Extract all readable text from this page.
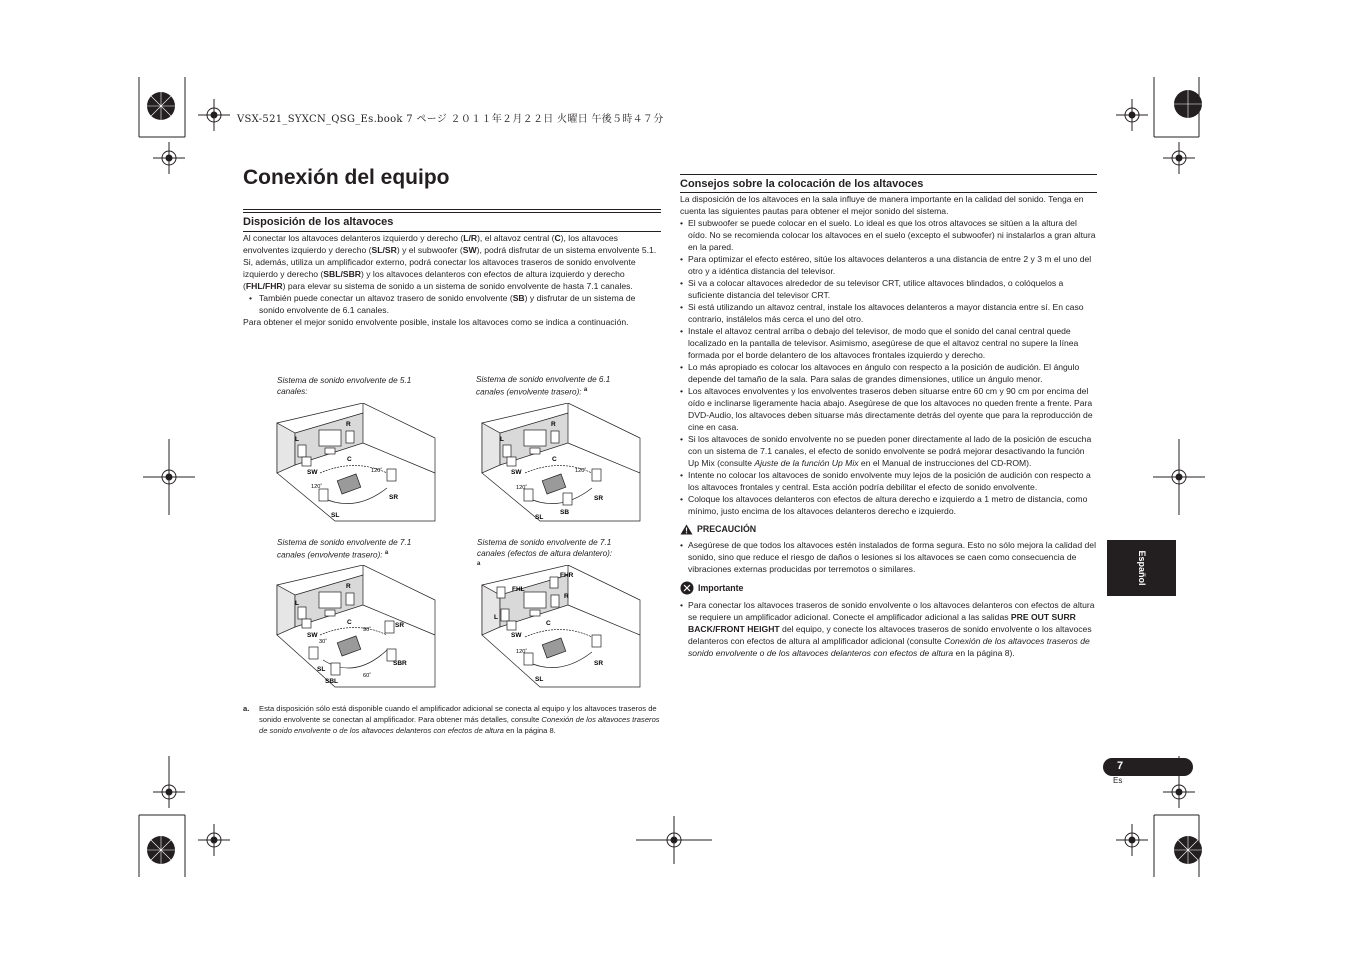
VSX-521_SYXCN_QSG_Es.book 7 ページ ２０１１年２月２２日 火曜日 午後５時４７分
Conexión del equipo
Disposición de los altavoces

Al conectar los altavoces delanteros izquierdo y derecho (L/R), el altavoz central (C), los altavoces envolventes izquierdo y derecho (SL/SR) y el subwoofer (SW), podrá disfrutar de un sistema envolvente 5.1.

Si, además, utiliza un amplificador externo, podrá conectar los altavoces traseros de sonido envolvente izquierdo y derecho (SBL/SBR) y los altavoces delanteros con efectos de altura izquierdo y derecho (FHL/FHR) para elevar su sistema de sonido a un sistema de sonido envolvente de hasta 7.1 canales.

• También puede conectar un altavoz trasero de sonido envolvente (SB) y disfrutar de un sistema de sonido envolvente de 6.1 canales.

Para obtener el mejor sonido envolvente posible, instale los altavoces como se indica a continuación.

Sistema de sonido envolvente de 5.1 canales:
Sistema de sonido envolvente de 6.1 canales (envolvente trasero): $^a$
Sistema de sonido envolvente de 7.1 canales (envolvente trasero): $^a$
Sistema de sonido envolvente de 7.1 canales (efectos de altura delantero): $^a$
L
R
C
SW
SR
SL
120˚
120˚
L
R
C
SW
SR
SL
SB
120˚
120˚
L
R
C
SW
SR
SL
SBL
SBR
90˚
30˚
60˚
FHL
FHR
L
R
C
SW
SR
SL
120˚
a. Esta disposición sólo está disponible cuando el amplificador adicional se conecta al equipo y los altavoces traseros de sonido envolvente se conectan al amplificador. Para obtener más detalles, consulte Conexión de los altavoces traseros de sonido envolvente o de los altavoces delanteros con efectos de altura en la página 8.
Consejos sobre la colocación de los altavoces

La disposición de los altavoces en la sala influye de manera importante en la calidad del sonido. Tenga en cuenta las siguientes pautas para obtener el mejor sonido del sistema.

• El subwoofer se puede colocar en el suelo. Lo ideal es que los otros altavoces se sitúen a la altura del oído. No se recomienda colocar los altavoces en el suelo (excepto el subwoofer) ni instalarlos a gran altura en la pared.
• Para optimizar el efecto estéreo, sitúe los altavoces delanteros a una distancia de entre 2 y 3 m el uno del otro y a idéntica distancia del televisor.
• Si va a colocar altavoces alrededor de su televisor CRT, utilice altavoces blindados, o colóquelos a suficiente distancia del televisor CRT.
• Si está utilizando un altavoz central, instale los altavoces delanteros a mayor distancia entre sí. En caso contrario, instálelos más cerca el uno del otro.
• Instale el altavoz central arriba o debajo del televisor, de modo que el sonido del canal central quede localizado en la pantalla de televisor. Asimismo, asegúrese de que el altavoz central no supere la línea formada por el borde delantero de los altavoces frontales izquierdo y derecho.
• Lo más apropiado es colocar los altavoces en ángulo con respecto a la posición de audición. El ángulo depende del tamaño de la sala. Para salas de grandes dimensiones, utilice un ángulo menor.
• Los altavoces envolventes y los envolventes traseros deben situarse entre 60 cm y 90 cm por encima del oído e inclinarse ligeramente hacia abajo. Asegúrese de que los altavoces no queden frente a frente. Para DVD-Audio, los altavoces deben situarse más directamente detrás del oyente que para la reproducción de cine en casa.
• Si los altavoces de sonido envolvente no se pueden poner directamente al lado de la posición de escucha con un sistema de 7.1 canales, el efecto de sonido envolvente se podrá mejorar desactivando la función Up Mix (consulte Ajuste de la función Up Mix en el Manual de instrucciones del CD-ROM).
• Intente no colocar los altavoces de sonido envolvente muy lejos de la posición de audición con respecto a los altavoces frontales y central. Esta acción podría debilitar el efecto de sonido envolvente.
• Coloque los altavoces delanteros con efectos de altura derecho e izquierdo a 1 metro de distancia, como mínimo, justo encima de los altavoces delanteros derecho e izquierdo.
PRECAUCIÓN
• Asegúrese de que todos los altavoces estén instalados de forma segura. Esto no sólo mejora la calidad del sonido, sino que reduce el riesgo de daños o lesiones si los altavoces se caen como consecuencia de vibraciones externas producidas por terremotos o similares.
Importante
• Para conectar los altavoces traseros de sonido envolvente o los altavoces delanteros con efectos de altura se requiere un amplificador adicional. Conecte el amplificador adicional a las salidas PRE OUT SURR BACK/FRONT HEIGHT del equipo, y conecte los altavoces traseros de sonido envolvente o los altavoces delanteros con efectos de altura al amplificador adicional (consulte Conexión de los altavoces traseros de sonido envolvente o de los altavoces delanteros con efectos de altura en la página 8).
Español
7
Es
